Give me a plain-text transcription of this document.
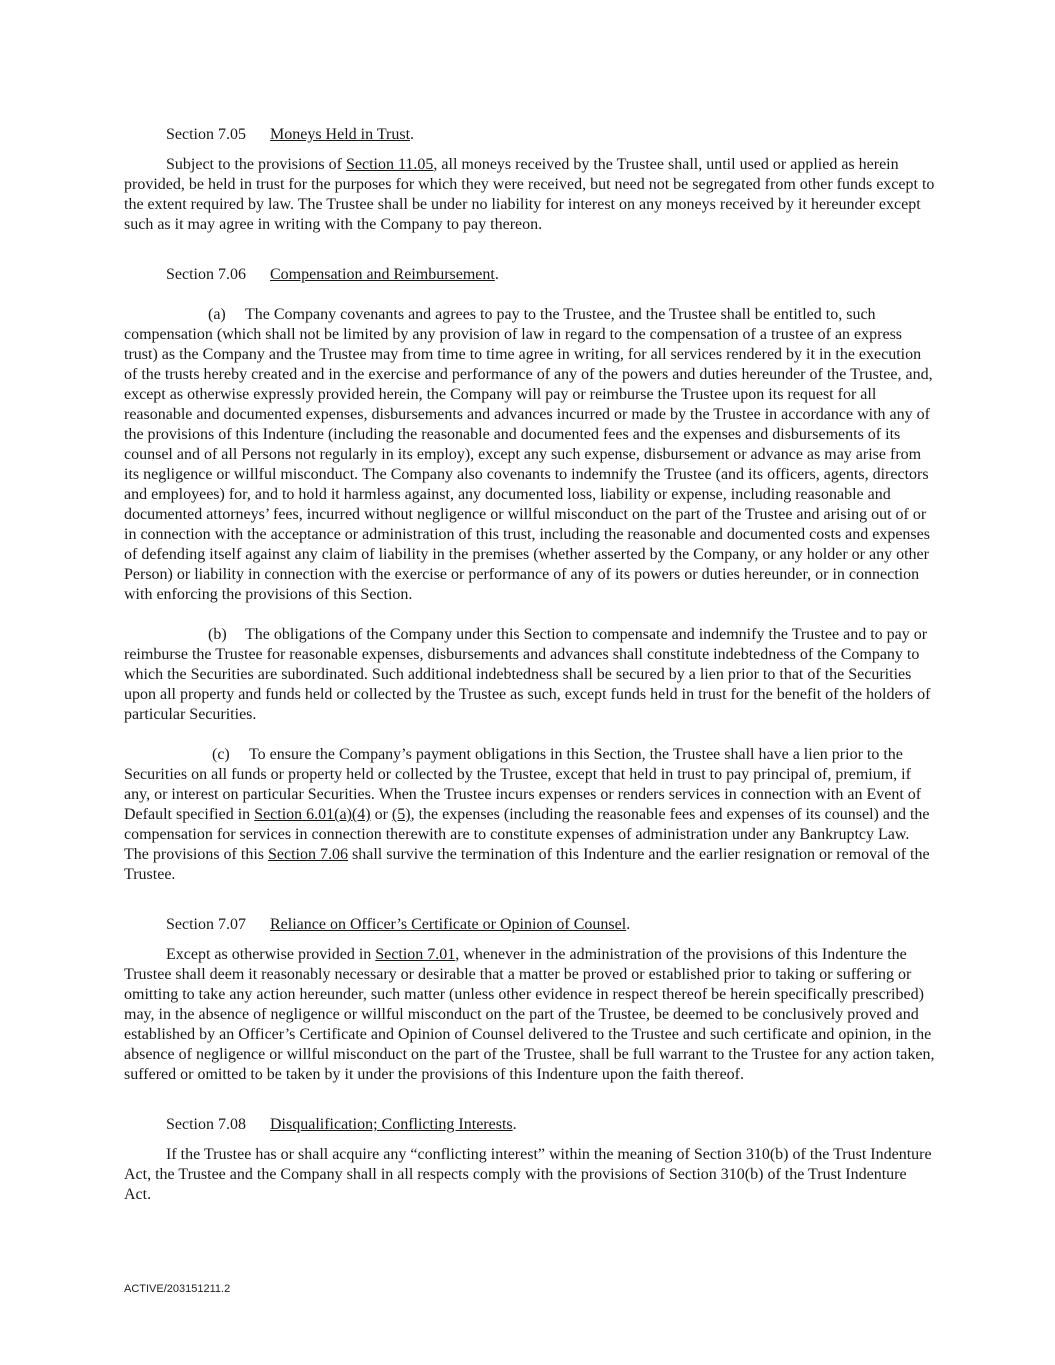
Section 7.05 Moneys Held in Trust.

Subject to the provisions of Section 11.05, all moneys received by the Trustee shall, until used or applied as herein provided, be held in trust for the purposes for which they were received, but need not be segregated from other funds except to the extent required by law. The Trustee shall be under no liability for interest on any moneys received by it hereunder except such as it may agree in writing with the Company to pay thereon.

Section 7.06 Compensation and Reimbursement.

(a) The Company covenants and agrees to pay to the Trustee, and the Trustee shall be entitled to, such compensation (which shall not be limited by any provision of law in regard to the compensation of a trustee of an express trust) as the Company and the Trustee may from time to time agree in writing, for all services rendered by it in the execution of the trusts hereby created and in the exercise and performance of any of the powers and duties hereunder of the Trustee, and, except as otherwise expressly provided herein, the Company will pay or reimburse the Trustee upon its request for all reasonable and documented expenses, disbursements and advances incurred or made by the Trustee in accordance with any of the provisions of this Indenture (including the reasonable and documented fees and the expenses and disbursements of its counsel and of all Persons not regularly in its employ), except any such expense, disbursement or advance as may arise from its negligence or willful misconduct. The Company also covenants to indemnify the Trustee (and its officers, agents, directors and employees) for, and to hold it harmless against, any documented loss, liability or expense, including reasonable and documented attorneys’ fees, incurred without negligence or willful misconduct on the part of the Trustee and arising out of or in connection with the acceptance or administration of this trust, including the reasonable and documented costs and expenses of defending itself against any claim of liability in the premises (whether asserted by the Company, or any holder or any other Person) or liability in connection with the exercise or performance of any of its powers or duties hereunder, or in connection with enforcing the provisions of this Section.

(b) The obligations of the Company under this Section to compensate and indemnify the Trustee and to pay or reimburse the Trustee for reasonable expenses, disbursements and advances shall constitute indebtedness of the Company to which the Securities are subordinated. Such additional indebtedness shall be secured by a lien prior to that of the Securities upon all property and funds held or collected by the Trustee as such, except funds held in trust for the benefit of the holders of particular Securities.

(c) To ensure the Company’s payment obligations in this Section, the Trustee shall have a lien prior to the Securities on all funds or property held or collected by the Trustee, except that held in trust to pay principal of, premium, if any, or interest on particular Securities. When the Trustee incurs expenses or renders services in connection with an Event of Default specified in Section 6.01(a)(4) or (5), the expenses (including the reasonable fees and expenses of its counsel) and the compensation for services in connection therewith are to constitute expenses of administration under any Bankruptcy Law. The provisions of this Section 7.06 shall survive the termination of this Indenture and the earlier resignation or removal of the Trustee.

Section 7.07 Reliance on Officer’s Certificate or Opinion of Counsel.

Except as otherwise provided in Section 7.01, whenever in the administration of the provisions of this Indenture the Trustee shall deem it reasonably necessary or desirable that a matter be proved or established prior to taking or suffering or omitting to take any action hereunder, such matter (unless other evidence in respect thereof be herein specifically prescribed) may, in the absence of negligence or willful misconduct on the part of the Trustee, be deemed to be conclusively proved and established by an Officer’s Certificate and Opinion of Counsel delivered to the Trustee and such certificate and opinion, in the absence of negligence or willful misconduct on the part of the Trustee, shall be full warrant to the Trustee for any action taken, suffered or omitted to be taken by it under the provisions of this Indenture upon the faith thereof.

Section 7.08 Disqualification; Conflicting Interests.

If the Trustee has or shall acquire any “conflicting interest” within the meaning of Section 310(b) of the Trust Indenture Act, the Trustee and the Company shall in all respects comply with the provisions of Section 310(b) of the Trust Indenture Act.

ACTIVE/203151211.2
